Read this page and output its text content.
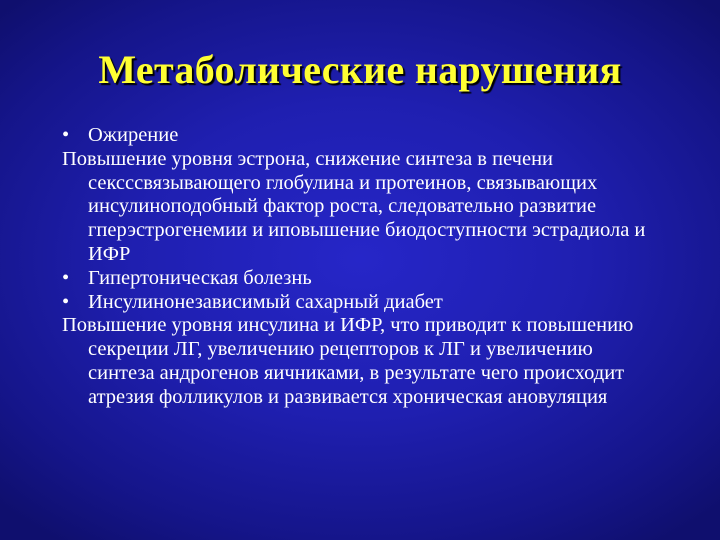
Метаболические нарушения
• Ожирение
Повышение уровня эстрона, снижение синтеза в печени сексссвязывающего глобулина и протеинов, связывающих инсулиноподобный фактор роста, следовательно развитие гперэстрогенемии и иповышение биодоступности эстрадиола и ИФР
• Гипертоническая болезнь
• Инсулинонезависимый сахарный диабет
Повышение уровня инсулина и ИФР, что приводит к повышению секреции ЛГ, увеличению рецепторов к ЛГ и увеличению синтеза андрогенов яичниками, в результате чего происходит атрезия фолликулов и развивается хроническая ановуляция
